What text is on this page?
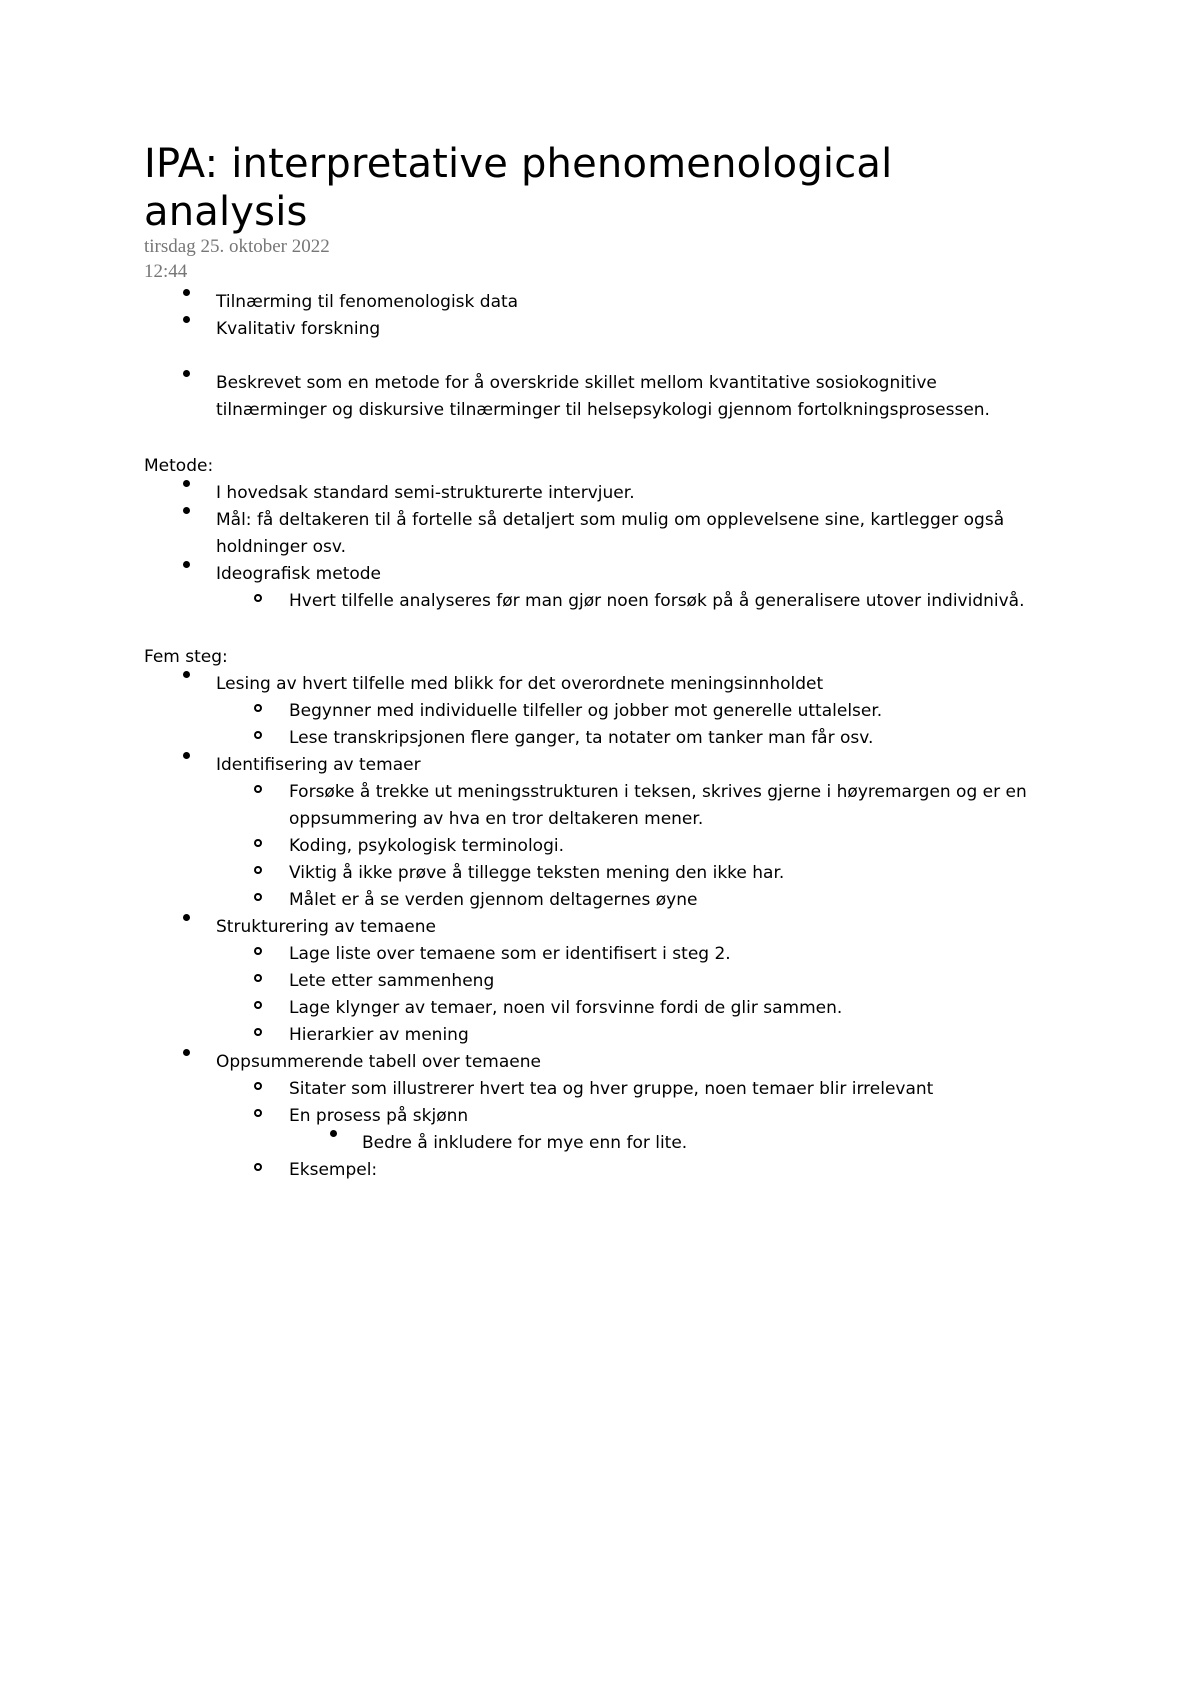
IPA: interpretative phenomenological
analysis
tirsdag 25. oktober 2022
12:44
Tilnærming til fenomenologisk data
Kvalitativ forskning
Beskrevet som en metode for å overskride skillet mellom kvantitative sosiokognitive
tilnærminger og diskursive tilnærminger til helsepsykologi gjennom fortolkningsprosessen.
Metode:
I hovedsak standard semi-strukturerte intervjuer.
Mål: få deltakeren til å fortelle så detaljert som mulig om opplevelsene sine, kartlegger også
holdninger osv.
Ideografisk metode
Hvert tilfelle analyseres før man gjør noen forsøk på å generalisere utover individnivå.
Fem steg:
Lesing av hvert tilfelle med blikk for det overordnete meningsinnholdet
Begynner med individuelle tilfeller og jobber mot generelle uttalelser.
Lese transkripsjonen flere ganger, ta notater om tanker man får osv.
Identifisering av temaer
Forsøke å trekke ut meningsstrukturen i teksen, skrives gjerne i høyremargen og er en
oppsummering av hva en tror deltakeren mener.
Koding, psykologisk terminologi.
Viktig å ikke prøve å tillegge teksten mening den ikke har.
Målet er å se verden gjennom deltagernes øyne
Strukturering av temaene
Lage liste over temaene som er identifisert i steg 2.
Lete etter sammenheng
Lage klynger av temaer, noen vil forsvinne fordi de glir sammen.
Hierarkier av mening
Oppsummerende tabell over temaene
Sitater som illustrerer hvert tea og hver gruppe, noen temaer blir irrelevant
En prosess på skjønn
Bedre å inkludere for mye enn for lite.
Eksempel:
